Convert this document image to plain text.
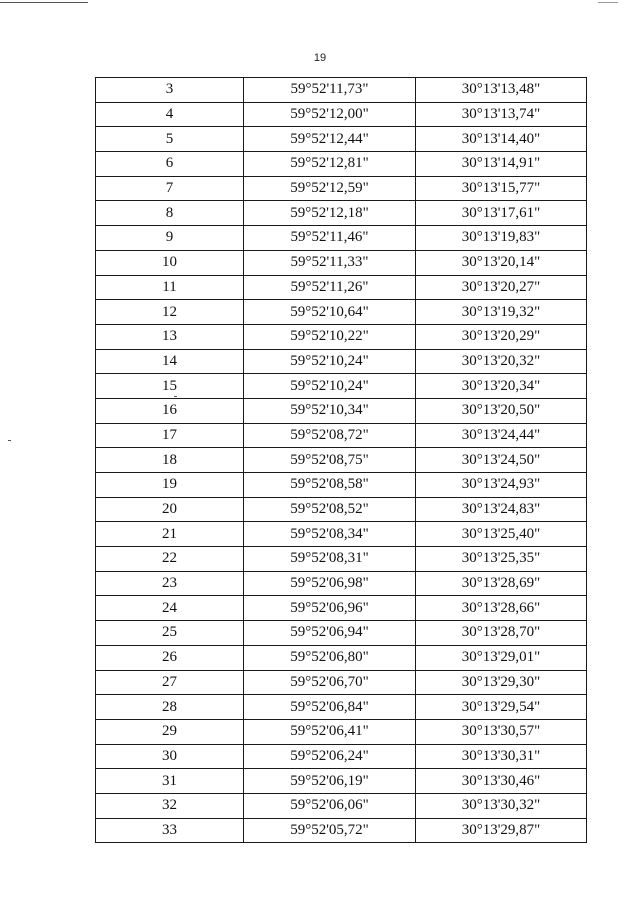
19
3	59°52'11,73"	30°13'13,48"
4	59°52'12,00"	30°13'13,74"
5	59°52'12,44"	30°13'14,40"
6	59°52'12,81"	30°13'14,91"
7	59°52'12,59"	30°13'15,77"
8	59°52'12,18"	30°13'17,61"
9	59°52'11,46"	30°13'19,83"
10	59°52'11,33"	30°13'20,14"
11	59°52'11,26"	30°13'20,27"
12	59°52'10,64"	30°13'19,32"
13	59°52'10,22"	30°13'20,29"
14	59°52'10,24"	30°13'20,32"
15	59°52'10,24"	30°13'20,34"
16	59°52'10,34"	30°13'20,50"
17	59°52'08,72"	30°13'24,44"
18	59°52'08,75"	30°13'24,50"
19	59°52'08,58"	30°13'24,93"
20	59°52'08,52"	30°13'24,83"
21	59°52'08,34"	30°13'25,40"
22	59°52'08,31"	30°13'25,35"
23	59°52'06,98"	30°13'28,69"
24	59°52'06,96"	30°13'28,66"
25	59°52'06,94"	30°13'28,70"
26	59°52'06,80"	30°13'29,01"
27	59°52'06,70"	30°13'29,30"
28	59°52'06,84"	30°13'29,54"
29	59°52'06,41"	30°13'30,57"
30	59°52'06,24"	30°13'30,31"
31	59°52'06,19"	30°13'30,46"
32	59°52'06,06"	30°13'30,32"
33	59°52'05,72"	30°13'29,87"
